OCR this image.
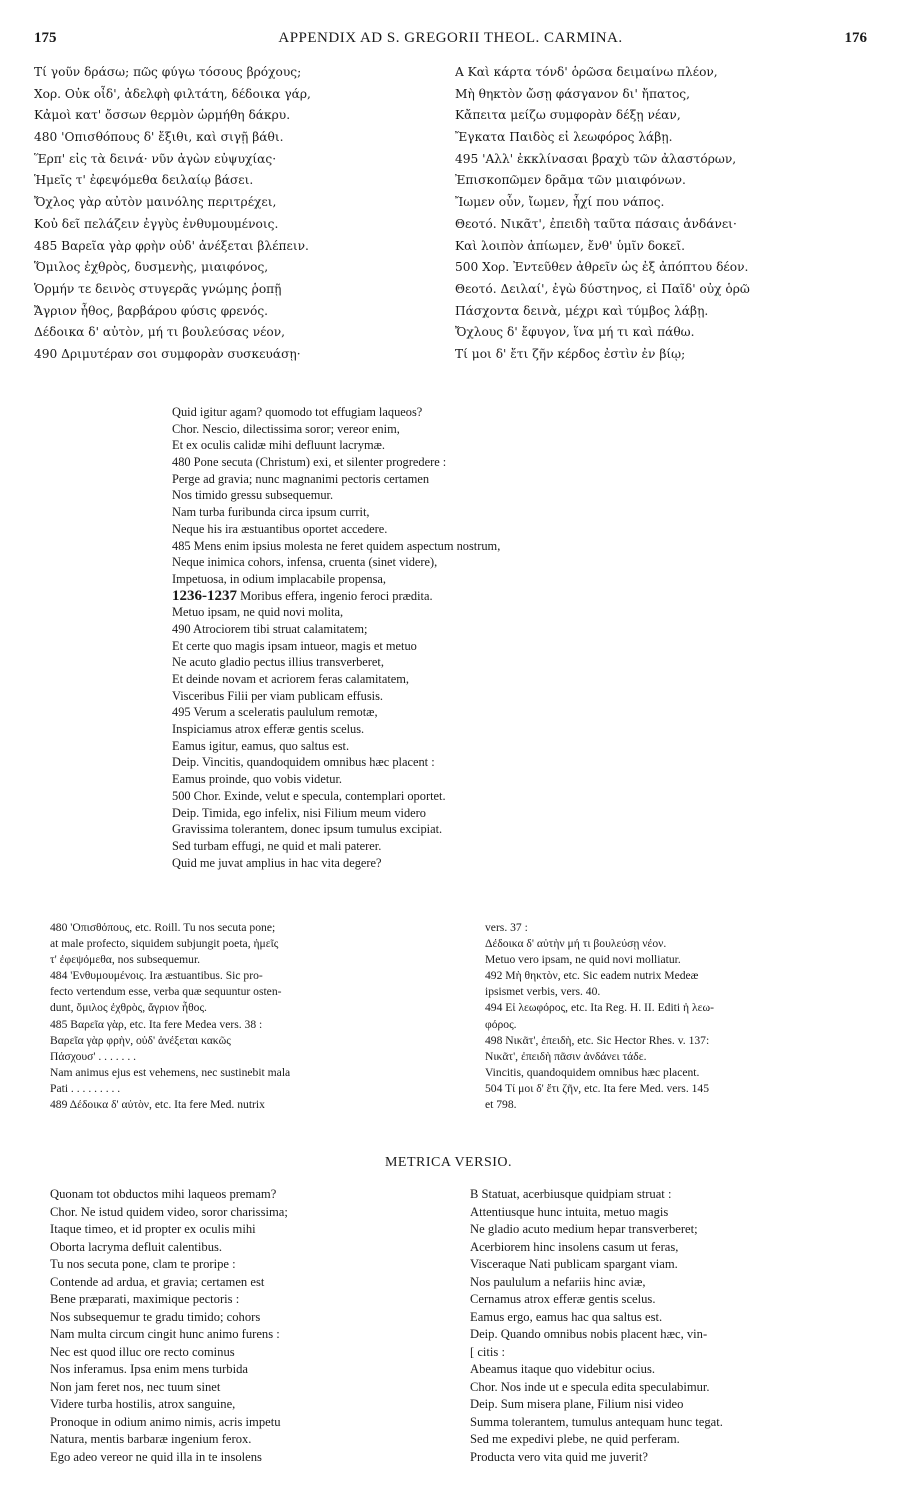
175	APPENDIX AD S. GREGORII THEOL. CARMINA.	176
Τί γοῦν δράσω; πῶς φύγω τόσους βρόχους;
Χορ. Οὐκ οἶδ', ἀδελφὴ φιλτάτη, δέδοικα γάρ,
Κἀμοὶ κατ' ὄσσων θερμὸν ὡρμήθη δάκρυ.
480 'Οπισθόπους δ' ἔξιθι, καὶ σιγῇ βάθι.
Ἕρπ' εἰς τὰ δεινά· νῦν ἀγὼν εὐψυχίας·
Ἡμεῖς τ' ἐφεψόμεθα δειλαίῳ βάσει.
Ὄχλος γὰρ αὐτὸν μαινόλης περιτρέχει,
Κοὐ δεῖ πελάζειν ἐγγὺς ἐνθυμουμένοις.
485 Βαρεῖα γὰρ φρὴν οὐδ' ἀνέξεται βλέπειν.
Ὅμιλος ἐχθρὸς, δυσμενὴς, μιαιφόνος,
Ὁρμήν τε δεινὸς στυγερᾶς γνώμης ῥοπῇ
Ἄγριον ἦθος, βαρβάρου φύσις φρενός.
Δέδοικα δ' αὐτὸν, μή τι βουλεύσας νέον,
490 Δριμυτέραν σοι συμφορὰν συσκευάσῃ·
A Καὶ κάρτα τόνδ' ὁρῶσα δειμαίνω πλέον,
Μὴ θηκτὸν ὤσῃ φάσγανον δι' ἤπατος,
Κἄπειτα μείζω συμφορὰν δέξῃ νέαν,
Ἔγκατα Παιδὸς εἰ λεωφόρος λάβῃ.
495 'Αλλ' ἐκκλίνασαι βραχὺ τῶν ἀλαστόρων,
Ἐπισκοπῶμεν δρᾶμα τῶν μιαιφόνων.
Ἴωμεν οὖν, ἴωμεν, ἧχί που νάπος.
Θεοτό. Νικᾶτ', ἐπειδὴ ταῦτα πάσαις ἁνδάνει·
Καὶ λοιπὸν ἀπίωμεν, ἔνθ' ὑμῖν δοκεῖ.
500 Χορ. Ἐντεῦθεν ἀθρεῖν ὡς ἐξ ἀπόπτου δέον.
Θεοτό. Δειλαί', ἐγὼ δύστηνος, εἰ Παῖδ' οὐχ ὁρῶ
Πάσχοντα δεινὰ, μέχρι καὶ τύμβος λάβῃ.
Ὄχλους δ' ἔφυγον, ἵνα μή τι καὶ πάθω.
Τί μοι δ' ἔτι ζῆν κέρδος ἐστὶν ἐν βίῳ;
Quid igitur agam? quomodo tot effugiam laqueos?
Chor. Nescio, dilectissima soror; vereor enim,
Et ex oculis calidæ mihi defluunt lacrymæ.
480 Pone secuta (Christum) exi, et silenter progredere :
Perge ad gravia; nunc magnanimi pectoris certamen
Nos timido gressu subsequemur.
Nam turba furibunda circa ipsum currit,
Neque his ira æstuantibus oportet accedere.
485 Mens enim ipsius molesta ne feret quidem aspectum nostrum,
Neque inimica cohors, infensa, cruenta (sinet videre),
Impetuosa, in odium implacabile propensa,
1236-1237 Moribus effera, ingenio feroci prædita.
Metuo ipsam, ne quid novi molita,
490 Atrociorem tibi struat calamitatem;
Et certe quo magis ipsam intueor, magis et metuo
Ne acuto gladio pectus illius transverberet,
Et deinde novam et acriorem feras calamitatem,
Visceribus Filii per viam publicam effusis.
495 Verum a sceleratis paululum remotæ,
Inspiciamus atrox efferæ gentis scelus.
Eamus igitur, eamus, quo saltus est.
Deip. Vincitis, quandoquidem omnibus hæc placent :
Eamus proinde, quo vobis videtur.
500 Chor. Exinde, velut e specula, contemplari oportet.
Deip. Timida, ego infelix, nisi Filium meum videro
Gravissima tolerantem, donec ipsum tumulus excipiat.
Sed turbam effugi, ne quid et mali paterer.
Quid me juvat amplius in hac vita degere?
480 'Οπισθόπους, etc. Roill. Tu nos secuta pone;
at male profecto, siquidem subjungit poeta, ἡμεῖς
τ' ἐφεψόμεθα, nos subsequemur.
484 'Ενθυμουμένοις. Ira æstuantibus. Sic pro-
fecto vertendum esse, verba quæ sequuntur osten-
dunt, ὅμιλος ἐχθρὸς, ἄγριον ἦθος.
485 Βαρεῖα γὰρ, etc. Ita fere Medea vers. 38 :
Βαρεῖα γὰρ φρὴν, οὐδ' ἀνέξεται κακῶς
Πάσχουσ' . . . . . . .
Nam animus ejus est vehemens, nec sustinebit mala
Pati . . . . . . . . .
489 Δέδοικα δ' αὐτὸν, etc. Ita fere Med. nutrix
vers. 37 :
Δέδοικα δ' αὐτὴν μή τι βουλεύσῃ νέον.
Metuo vero ipsam, ne quid novi molliatur.
492 Μὴ θηκτὸν, etc. Sic eadem nutrix Medeæ
ipsismet verbis, vers. 40.
494 Εἰ λεωφόρος, etc. Ita Reg. H. II. Editi ἡ λεω-
φόρος.
498 Νικᾶτ', ἐπειδὴ, etc. Sic Hector Rhes. v. 137:
Νικᾶτ', ἐπειδὴ πᾶσιν ἁνδάνει τάδε.
Vincitis, quandoquidem omnibus hæc placent.
504 Τί μοι δ' ἔτι ζῆν, etc. Ita fere Med. vers. 145
et 798.
METRICA VERSIO.
Quonam tot obductos mihi laqueos premam?
Chor. Ne istud quidem video, soror charissima;
Itaque timeo, et id propter ex oculis mihi
Oborta lacryma defluit calentibus.
Tu nos secuta pone, clam te proripe :
Contende ad ardua, et gravia; certamen est
Bene præparati, maximique pectoris :
Nos subsequemur te gradu timido; cohors
Nam multa circum cingit hunc animo furens :
Nec est quod illuc ore recto cominus
Nos inferamus. Ipsa enim mens turbida
Non jam feret nos, nec tuum sinet
Videre turba hostilis, atrox sanguine,
Pronoque in odium animo nimis, acris impetu
Natura, mentis barbaræ ingenium ferox.
Ego adeo vereor ne quid illa in te insolens
B Statuat, acerbiusque quidpiam struat :
Attentiusque hunc intuita, metuo magis
Ne gladio acuto medium hepar transverberet;
Acerbiorem hinc insolens casum ut feras,
Visceraque Nati publicam spargant viam.
Nos paululum a nefariis hinc aviæ,
Cernamus atrox efferæ gentis scelus.
Eamus ergo, eamus hac qua saltus est.
Deip. Quando omnibus nobis placent hæc, vin-
[ citis :
Abeamus itaque quo videbitur ocius.
Chor. Nos inde ut e specula edita speculabimur.
Deip. Sum misera plane, Filium nisi video
Summa tolerantem, tumulus antequam hunc tegat.
Sed me expedivi plebe, ne quid perferam.
Producta vero vita quid me juverit?
